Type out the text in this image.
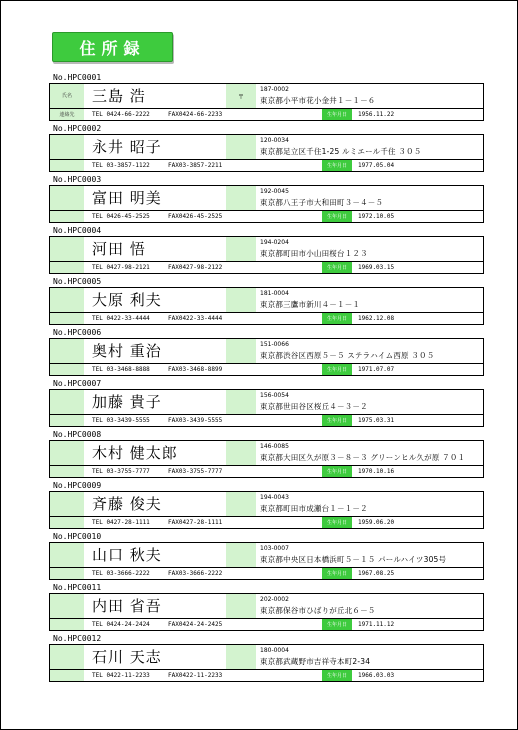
住所録
No.HPC0001
氏名	三島 浩	〒
187-0002
東京都小平市花小金井１－１－６
連絡先	TEL 0424-66-2222	FAX0424-66-2233	生年月日	1956.11.22
No.HPC0002
永井 昭子	120-0034
東京都足立区千住1-25 ルミエール千住 ３０５
TEL 03-3857-1122	FAX03-3857-2211	生年月日	1977.05.04
No.HPC0003
富田 明美	192-0045
東京都八王子市大和田町３－４－５
TEL 0426-45-2525	FAX0426-45-2525	生年月日	1972.10.05
No.HPC0004
河田 悟	194-0204
東京都町田市小山田桜台１２３
TEL 0427-98-2121	FAX0427-98-2122	生年月日	1969.03.15
No.HPC0005
大原 利夫	181-0004
東京都三鷹市新川４－１－１
TEL 0422-33-4444	FAX0422-33-4444	生年月日	1962.12.08
No.HPC0006
奥村 重治	151-0066
東京都渋谷区西原５－５ ステラハイム西原 ３０５
TEL 03-3468-8888	FAX03-3468-8899	生年月日	1971.07.07
No.HPC0007
加藤 貴子	156-0054
東京都世田谷区桜丘４－３－２
TEL 03-3439-5555	FAX03-3439-5555	生年月日	1975.03.31
No.HPC0008
木村 健太郎	146-0085
東京都大田区久が原３－８－３ グリーンヒル久が原 ７０１
TEL 03-3755-7777	FAX03-3755-7777	生年月日	1970.10.16
No.HPC0009
斉藤 俊夫	194-0043
東京都町田市成瀬台１－１－２
TEL 0427-28-1111	FAX0427-28-1111	生年月日	1959.06.20
No.HPC0010
山口 秋夫	103-0007
東京都中央区日本橋浜町５－１５ パールハイツ305号
TEL 03-3666-2222	FAX03-3666-2222	生年月日	1967.08.25
No.HPC0011
内田 省吾	202-0002
東京都保谷市ひばりが丘北６－５
TEL 0424-24-2424	FAX0424-24-2425	生年月日	1971.11.12
No.HPC0012
石川 天志	180-0004
東京都武蔵野市吉祥寺本町2-34
TEL 0422-11-2233	FAX0422-11-2233	生年月日	1966.03.03
